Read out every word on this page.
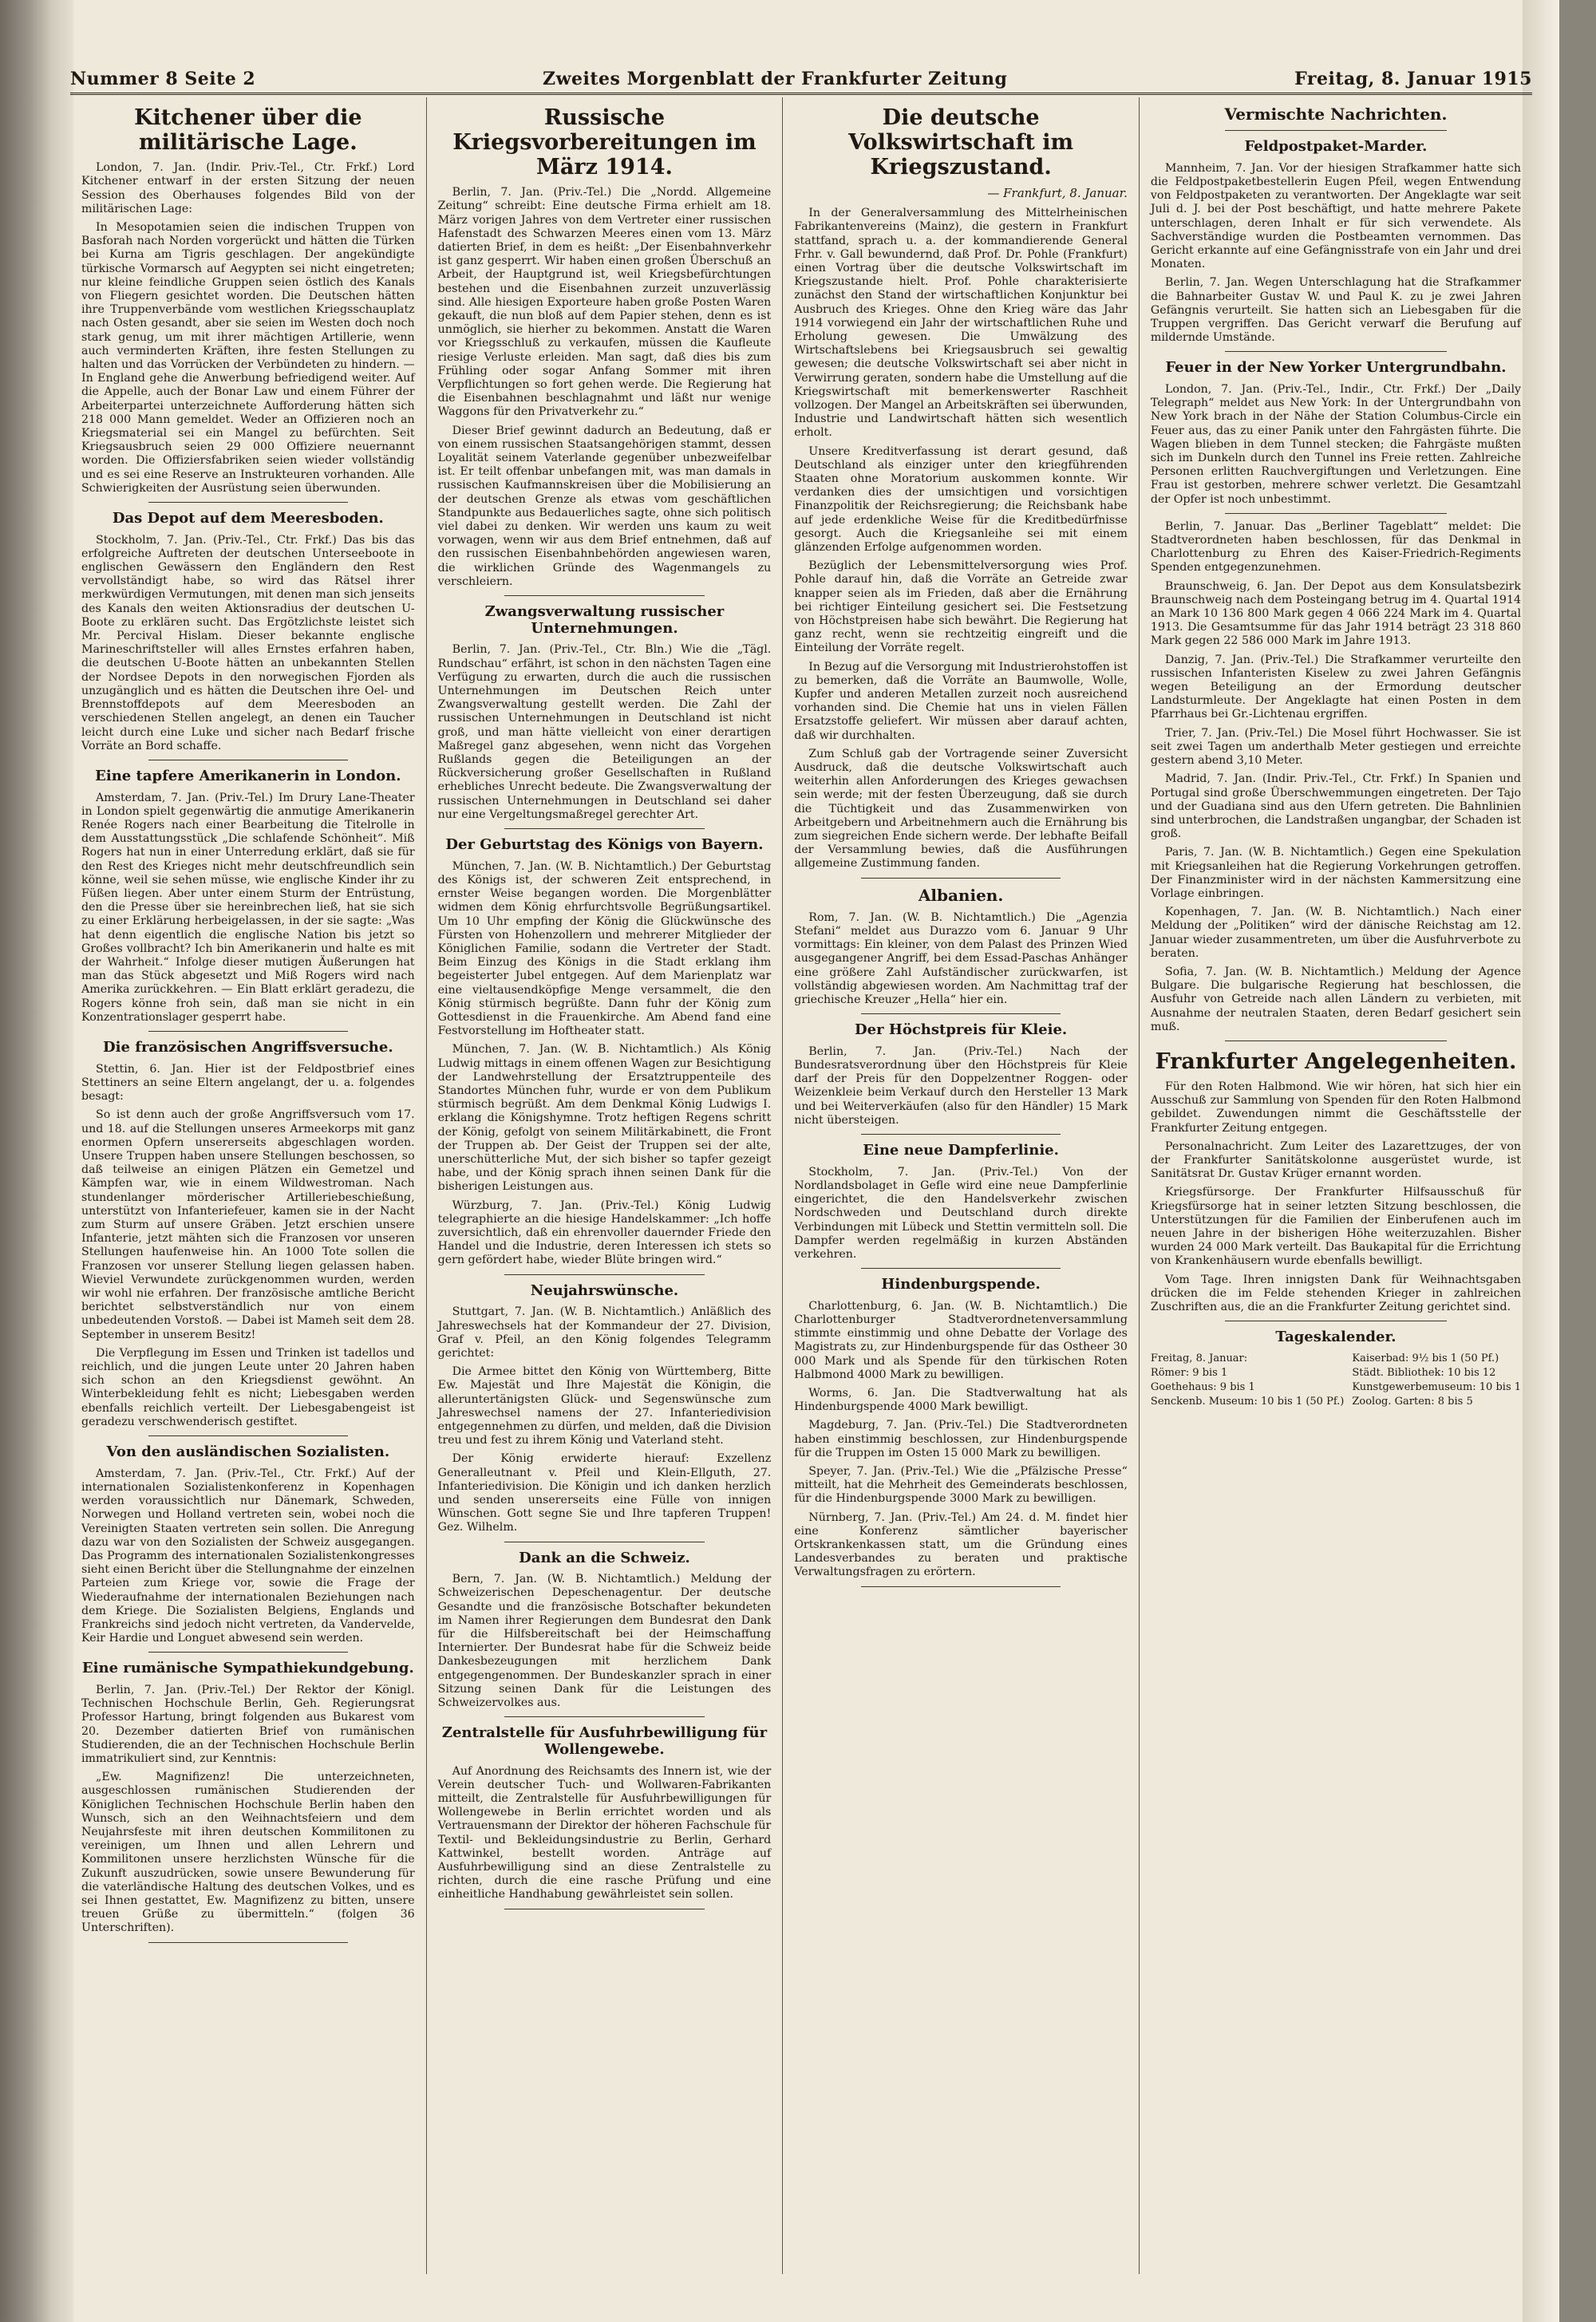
Nummer 8 Seite 2	Zweites Morgenblatt der Frankfurter Zeitung	Freitag, 8. Januar 1915
Kitchener über die militärische Lage.

London, 7. Jan. (Indir. Priv.-Tel., Ctr. Frkf.) Lord Kitchener entwarf in der ersten Sitzung der neuen Session des Oberhauses folgendes Bild von der militärischen Lage:

In Mesopotamien seien die indischen Truppen von Basforah nach Norden vorgerückt und hätten die Türken bei Kurna am Tigris geschlagen. Der angekündigte türkische Vormarsch auf Aegypten sei nicht eingetreten; nur kleine feindliche Gruppen seien östlich des Kanals von Fliegern gesichtet worden. Die Deutschen hätten ihre Truppenverbände vom westlichen Kriegsschauplatz nach Osten gesandt, aber sie seien im Westen doch noch stark genug, um mit ihrer mächtigen Artillerie, wenn auch verminderten Kräften, ihre festen Stellungen zu halten und das Vorrücken der Verbündeten zu hindern. — In England gehe die Anwerbung befriedigend weiter. Auf die Appelle, auch der Bonar Law und einem Führer der Arbeiterpartei unterzeichnete Aufforderung hätten sich 218 000 Mann gemeldet. Weder an Offizieren noch an Kriegsmaterial sei ein Mangel zu befürchten. Seit Kriegsausbruch seien 29 000 Offiziere neuernannt worden. Die Offiziersfabriken seien wieder vollständig und es sei eine Reserve an Instrukteuren vorhanden. Alle Schwierigkeiten der Ausrüstung seien überwunden.

Das Depot auf dem Meeresboden.

Stockholm, 7. Jan. (Priv.-Tel., Ctr. Frkf.) Das bis das erfolgreiche Auftreten der deutschen Unterseeboote in englischen Gewässern den Engländern den Rest vervollständigt habe, so wird das Rätsel ihrer merkwürdigen Vermutungen, mit denen man sich jenseits des Kanals den weiten Aktionsradius der deutschen U-Boote zu erklären sucht. Das Ergötzlichste leistet sich Mr. Percival Hislam. Dieser bekannte englische Marineschriftsteller will alles Ernstes erfahren haben, die deutschen U-Boote hätten an unbekannten Stellen der Nordsee Depots in den norwegischen Fjorden als unzugänglich und es hätten die Deutschen ihre Oel- und Brennstoffdepots auf dem Meeresboden an verschiedenen Stellen angelegt, an denen ein Taucher leicht durch eine Luke und sicher nach Bedarf frische Vorräte an Bord schaffe.

Eine tapfere Amerikanerin in London.

Amsterdam, 7. Jan. (Priv.-Tel.) Im Drury Lane-Theater in London spielt gegenwärtig die anmutige Amerikanerin Renée Rogers nach einer Bearbeitung die Titelrolle in dem Ausstattungsstück „Die schlafende Schönheit“. Miß Rogers hat nun in einer Unterredung erklärt, daß sie für den Rest des Krieges nicht mehr deutschfreundlich sein könne, weil sie sehen müsse, wie englische Kinder ihr zu Füßen liegen. Aber unter einem Sturm der Entrüstung, den die Presse über sie hereinbrechen ließ, hat sie sich zu einer Erklärung herbeigelassen, in der sie sagte: „Was hat denn eigentlich die englische Nation bis jetzt so Großes vollbracht? Ich bin Amerikanerin und halte es mit der Wahrheit.“ Infolge dieser mutigen Äußerungen hat man das Stück abgesetzt und Miß Rogers wird nach Amerika zurückkehren. — Ein Blatt erklärt geradezu, die Rogers könne froh sein, daß man sie nicht in ein Konzentrationslager gesperrt habe.

Die französischen Angriffsversuche.

Stettin, 6. Jan. Hier ist der Feldpostbrief eines Stettiners an seine Eltern angelangt, der u. a. folgendes besagt:

So ist denn auch der große Angriffsversuch vom 17. und 18. auf die Stellungen unseres Armeekorps mit ganz enormen Opfern unsererseits abgeschlagen worden. Unsere Truppen haben unsere Stellungen beschossen, so daß teilweise an einigen Plätzen ein Gemetzel und Kämpfen war, wie in einem Wildwestroman. Nach stundenlanger mörderischer Artilleriebeschießung, unterstützt von Infanteriefeuer, kamen sie in der Nacht zum Sturm auf unsere Gräben. Jetzt erschien unsere Infanterie, jetzt mähten sich die Franzosen vor unseren Stellungen haufenweise hin. An 1000 Tote sollen die Franzosen vor unserer Stellung liegen gelassen haben. Wieviel Verwundete zurückgenommen wurden, werden wir wohl nie erfahren. Der französische amtliche Bericht berichtet selbstverständlich nur von einem unbedeutenden Vorstoß. — Dabei ist Mameh seit dem 28. September in unserem Besitz!

Die Verpflegung im Essen und Trinken ist tadellos und reichlich, und die jungen Leute unter 20 Jahren haben sich schon an den Kriegsdienst gewöhnt. An Winterbekleidung fehlt es nicht; Liebesgaben werden ebenfalls reichlich verteilt. Der Liebesgabengeist ist geradezu verschwenderisch gestiftet.

Von den ausländischen Sozialisten.

Amsterdam, 7. Jan. (Priv.-Tel., Ctr. Frkf.) Auf der internationalen Sozialistenkonferenz in Kopenhagen werden voraussichtlich nur Dänemark, Schweden, Norwegen und Holland vertreten sein, wobei noch die Vereinigten Staaten vertreten sein sollen. Die Anregung dazu war von den Sozialisten der Schweiz ausgegangen. Das Programm des internationalen Sozialistenkongresses sieht einen Bericht über die Stellungnahme der einzelnen Parteien zum Kriege vor, sowie die Frage der Wiederaufnahme der internationalen Beziehungen nach dem Kriege. Die Sozialisten Belgiens, Englands und Frankreichs sind jedoch nicht vertreten, da Vandervelde, Keir Hardie und Longuet abwesend sein werden.

Eine rumänische Sympathiekundgebung.

Berlin, 7. Jan. (Priv.-Tel.) Der Rektor der Königl. Technischen Hochschule Berlin, Geh. Regierungsrat Professor Hartung, bringt folgenden aus Bukarest vom 20. Dezember datierten Brief von rumänischen Studierenden, die an der Technischen Hochschule Berlin immatrikuliert sind, zur Kenntnis:

„Ew. Magnifizenz! Die unterzeichneten, ausgeschlossen rumänischen Studierenden der Königlichen Technischen Hochschule Berlin haben den Wunsch, sich an den Weihnachtsfeiern und dem Neujahrsfeste mit ihren deutschen Kommilitonen zu vereinigen, um Ihnen und allen Lehrern und Kommilitonen unsere herzlichsten Wünsche für die Zukunft auszudrücken, sowie unsere Bewunderung für die vaterländische Haltung des deutschen Volkes, und es sei Ihnen gestattet, Ew. Magnifizenz zu bitten, unsere treuen Grüße zu übermitteln.“ (folgen 36 Unterschriften).

Russische Kriegsvorbereitungen im März 1914.

Berlin, 7. Jan. (Priv.-Tel.) Die „Nordd. Allgemeine Zeitung“ schreibt: Eine deutsche Firma erhielt am 18. März vorigen Jahres von dem Vertreter einer russischen Hafenstadt des Schwarzen Meeres einen vom 13. März datierten Brief, in dem es heißt: „Der Eisenbahnverkehr ist ganz gesperrt. Wir haben einen großen Überschuß an Arbeit, der Hauptgrund ist, weil Kriegsbefürchtungen bestehen und die Eisenbahnen zurzeit unzuverlässig sind. Alle hiesigen Exporteure haben große Posten Waren gekauft, die nun bloß auf dem Papier stehen, denn es ist unmöglich, sie hierher zu bekommen. Anstatt die Waren vor Kriegsschluß zu verkaufen, müssen die Kaufleute riesige Verluste erleiden. Man sagt, daß dies bis zum Frühling oder sogar Anfang Sommer mit ihren Verpflichtungen so fort gehen werde. Die Regierung hat die Eisenbahnen beschlagnahmt und läßt nur wenige Waggons für den Privatverkehr zu.“

Dieser Brief gewinnt dadurch an Bedeutung, daß er von einem russischen Staatsangehörigen stammt, dessen Loyalität seinem Vaterlande gegenüber unbezweifelbar ist. Er teilt offenbar unbefangen mit, was man damals in russischen Kaufmannskreisen über die Mobilisierung an der deutschen Grenze als etwas vom geschäftlichen Standpunkte aus Bedauerliches sagte, ohne sich politisch viel dabei zu denken. Wir werden uns kaum zu weit vorwagen, wenn wir aus dem Brief entnehmen, daß auf den russischen Eisenbahnbehörden angewiesen waren, die wirklichen Gründe des Wagenmangels zu verschleiern.

Zwangsverwaltung russischer Unternehmungen.

Berlin, 7. Jan. (Priv.-Tel., Ctr. Bln.) Wie die „Tägl. Rundschau“ erfährt, ist schon in den nächsten Tagen eine Verfügung zu erwarten, durch die auch die russischen Unternehmungen im Deutschen Reich unter Zwangsverwaltung gestellt werden. Die Zahl der russischen Unternehmungen in Deutschland ist nicht groß, und man hätte vielleicht von einer derartigen Maßregel ganz abgesehen, wenn nicht das Vorgehen Rußlands gegen die Beteiligungen an der Rückversicherung großer Gesellschaften in Rußland erhebliches Unrecht bedeute. Die Zwangsverwaltung der russischen Unternehmungen in Deutschland sei daher nur eine Vergeltungsmaßregel gerechter Art.

Der Geburtstag des Königs von Bayern.

München, 7. Jan. (W. B. Nichtamtlich.) Der Geburtstag des Königs ist, der schweren Zeit entsprechend, in ernster Weise begangen worden. Die Morgenblätter widmen dem König ehrfurchtsvolle Begrüßungsartikel. Um 10 Uhr empfing der König die Glückwünsche des Fürsten von Hohenzollern und mehrerer Mitglieder der Königlichen Familie, sodann die Vertreter der Stadt. Beim Einzug des Königs in die Stadt erklang ihm begeisterter Jubel entgegen. Auf dem Marienplatz war eine vieltausendköpfige Menge versammelt, die den König stürmisch begrüßte. Dann fuhr der König zum Gottesdienst in die Frauenkirche. Am Abend fand eine Festvorstellung im Hoftheater statt.

München, 7. Jan. (W. B. Nichtamtlich.) Als König Ludwig mittags in einem offenen Wagen zur Besichtigung der Landwehrstellung der Ersatztruppenteile des Standortes München fuhr, wurde er von dem Publikum stürmisch begrüßt. Am dem Denkmal König Ludwigs I. erklang die Königshymne. Trotz heftigen Regens schritt der König, gefolgt von seinem Militärkabinett, die Front der Truppen ab. Der Geist der Truppen sei der alte, unerschütterliche Mut, der sich bisher so tapfer gezeigt habe, und der König sprach ihnen seinen Dank für die bisherigen Leistungen aus.

Würzburg, 7. Jan. (Priv.-Tel.) König Ludwig telegraphierte an die hiesige Handelskammer: „Ich hoffe zuversichtlich, daß ein ehrenvoller dauernder Friede den Handel und die Industrie, deren Interessen ich stets so gern gefördert habe, wieder Blüte bringen wird.“

Neujahrswünsche.

Stuttgart, 7. Jan. (W. B. Nichtamtlich.) Anläßlich des Jahreswechsels hat der Kommandeur der 27. Division, Graf v. Pfeil, an den König folgendes Telegramm gerichtet:

Die Armee bittet den König von Württemberg, Bitte Ew. Majestät und Ihre Majestät die Königin, die alleruntertänigsten Glück- und Segenswünsche zum Jahreswechsel namens der 27. Infanteriedivision entgegennehmen zu dürfen, und melden, daß die Division treu und fest zu ihrem König und Vaterland steht.

Der König erwiderte hierauf: Exzellenz Generalleutnant v. Pfeil und Klein-Ellguth, 27. Infanteriedivision. Die Königin und ich danken herzlich und senden unsererseits eine Fülle von innigen Wünschen. Gott segne Sie und Ihre tapferen Truppen! Gez. Wilhelm.

Dank an die Schweiz.

Bern, 7. Jan. (W. B. Nichtamtlich.) Meldung der Schweizerischen Depeschenagentur. Der deutsche Gesandte und die französische Botschafter bekundeten im Namen ihrer Regierungen dem Bundesrat den Dank für die Hilfsbereitschaft bei der Heimschaffung Internierter. Der Bundesrat habe für die Schweiz beide Dankesbezeugungen mit herzlichem Dank entgegengenommen. Der Bundeskanzler sprach in einer Sitzung seinen Dank für die Leistungen des Schweizervolkes aus.

Zentralstelle für Ausfuhrbewilligung für Wollengewebe.

Auf Anordnung des Reichsamts des Innern ist, wie der Verein deutscher Tuch- und Wollwaren-Fabrikanten mitteilt, die Zentralstelle für Ausfuhrbewilligungen für Wollengewebe in Berlin errichtet worden und als Vertrauensmann der Direktor der höheren Fachschule für Textil- und Bekleidungsindustrie zu Berlin, Gerhard Kattwinkel, bestellt worden. Anträge auf Ausfuhrbewilligung sind an diese Zentralstelle zu richten, durch die eine rasche Prüfung und eine einheitliche Handhabung gewährleistet sein sollen.

Die deutsche Volkswirtschaft im Kriegszustand.
— Frankfurt, 8. Januar.

In der Generalversammlung des Mittelrheinischen Fabrikantenvereins (Mainz), die gestern in Frankfurt stattfand, sprach u. a. der kommandierende General Frhr. v. Gall bewundernd, daß Prof. Dr. Pohle (Frankfurt) einen Vortrag über die deutsche Volkswirtschaft im Kriegszustande hielt. Prof. Pohle charakterisierte zunächst den Stand der wirtschaftlichen Konjunktur bei Ausbruch des Krieges. Ohne den Krieg wäre das Jahr 1914 vorwiegend ein Jahr der wirtschaftlichen Ruhe und Erholung gewesen. Die Umwälzung des Wirtschaftslebens bei Kriegsausbruch sei gewaltig gewesen; die deutsche Volkswirtschaft sei aber nicht in Verwirrung geraten, sondern habe die Umstellung auf die Kriegswirtschaft mit bemerkenswerter Raschheit vollzogen. Der Mangel an Arbeitskräften sei überwunden, Industrie und Landwirtschaft hätten sich wesentlich erholt.

Unsere Kreditverfassung ist derart gesund, daß Deutschland als einziger unter den kriegführenden Staaten ohne Moratorium auskommen konnte. Wir verdanken dies der umsichtigen und vorsichtigen Finanzpolitik der Reichsregierung; die Reichsbank habe auf jede erdenkliche Weise für die Kreditbedürfnisse gesorgt. Auch die Kriegsanleihe sei mit einem glänzenden Erfolge aufgenommen worden.

Bezüglich der Lebensmittelversorgung wies Prof. Pohle darauf hin, daß die Vorräte an Getreide zwar knapper seien als im Frieden, daß aber die Ernährung bei richtiger Einteilung gesichert sei. Die Festsetzung von Höchstpreisen habe sich bewährt. Die Regierung hat ganz recht, wenn sie rechtzeitig eingreift und die Einteilung der Vorräte regelt.

In Bezug auf die Versorgung mit Industrierohstoffen ist zu bemerken, daß die Vorräte an Baumwolle, Wolle, Kupfer und anderen Metallen zurzeit noch ausreichend vorhanden sind. Die Chemie hat uns in vielen Fällen Ersatzstoffe geliefert. Wir müssen aber darauf achten, daß wir durchhalten.

Zum Schluß gab der Vortragende seiner Zuversicht Ausdruck, daß die deutsche Volkswirtschaft auch weiterhin allen Anforderungen des Krieges gewachsen sein werde; mit der festen Überzeugung, daß sie durch die Tüchtigkeit und das Zusammenwirken von Arbeitgebern und Arbeitnehmern auch die Ernährung bis zum siegreichen Ende sichern werde. Der lebhafte Beifall der Versammlung bewies, daß die Ausführungen allgemeine Zustimmung fanden.

Albanien.

Rom, 7. Jan. (W. B. Nichtamtlich.) Die „Agenzia Stefani“ meldet aus Durazzo vom 6. Januar 9 Uhr vormittags: Ein kleiner, von dem Palast des Prinzen Wied ausgegangener Angriff, bei dem Essad-Paschas Anhänger eine größere Zahl Aufständischer zurückwarfen, ist vollständig abgewiesen worden. Am Nachmittag traf der griechische Kreuzer „Hella“ hier ein.

Der Höchstpreis für Kleie.

Berlin, 7. Jan. (Priv.-Tel.) Nach der Bundesratsverordnung über den Höchstpreis für Kleie darf der Preis für den Doppelzentner Roggen- oder Weizenkleie beim Verkauf durch den Hersteller 13 Mark und bei Weiterverkäufen (also für den Händler) 15 Mark nicht übersteigen.

Eine neue Dampferlinie.

Stockholm, 7. Jan. (Priv.-Tel.) Von der Nordlandsbolaget in Gefle wird eine neue Dampferlinie eingerichtet, die den Handelsverkehr zwischen Nordschweden und Deutschland durch direkte Verbindungen mit Lübeck und Stettin vermitteln soll. Die Dampfer werden regelmäßig in kurzen Abständen verkehren.

Hindenburgspende.

Charlottenburg, 6. Jan. (W. B. Nichtamtlich.) Die Charlottenburger Stadtverordnetenversammlung stimmte einstimmig und ohne Debatte der Vorlage des Magistrats zu, zur Hindenburgspende für das Ostheer 30 000 Mark und als Spende für den türkischen Roten Halbmond 4000 Mark zu bewilligen.

Worms, 6. Jan. Die Stadtverwaltung hat als Hindenburgspende 4000 Mark bewilligt.

Magdeburg, 7. Jan. (Priv.-Tel.) Die Stadtverordneten haben einstimmig beschlossen, zur Hindenburgspende für die Truppen im Osten 15 000 Mark zu bewilligen.

Speyer, 7. Jan. (Priv.-Tel.) Wie die „Pfälzische Presse“ mitteilt, hat die Mehrheit des Gemeinderats beschlossen, für die Hindenburgspende 3000 Mark zu bewilligen.

Nürnberg, 7. Jan. (Priv.-Tel.) Am 24. d. M. findet hier eine Konferenz sämtlicher bayerischer Ortskrankenkassen statt, um die Gründung eines Landesverbandes zu beraten und praktische Verwaltungsfragen zu erörtern.

Vermischte Nachrichten.
Feldpostpaket-Marder.

Mannheim, 7. Jan. Vor der hiesigen Strafkammer hatte sich die Feldpostpaketbestellerin Eugen Pfeil, wegen Entwendung von Feldpostpaketen zu verantworten. Der Angeklagte war seit Juli d. J. bei der Post beschäftigt, und hatte mehrere Pakete unterschlagen, deren Inhalt er für sich verwendete. Als Sachverständige wurden die Postbeamten vernommen. Das Gericht erkannte auf eine Gefängnisstrafe von ein Jahr und drei Monaten.

Berlin, 7. Jan. Wegen Unterschlagung hat die Strafkammer die Bahnarbeiter Gustav W. und Paul K. zu je zwei Jahren Gefängnis verurteilt. Sie hatten sich an Liebesgaben für die Truppen vergriffen. Das Gericht verwarf die Berufung auf mildernde Umstände.

Feuer in der New Yorker Untergrundbahn.

London, 7. Jan. (Priv.-Tel., Indir., Ctr. Frkf.) Der „Daily Telegraph“ meldet aus New York: In der Untergrundbahn von New York brach in der Nähe der Station Columbus-Circle ein Feuer aus, das zu einer Panik unter den Fahrgästen führte. Die Wagen blieben in dem Tunnel stecken; die Fahrgäste mußten sich im Dunkeln durch den Tunnel ins Freie retten. Zahlreiche Personen erlitten Rauchvergiftungen und Verletzungen. Eine Frau ist gestorben, mehrere schwer verletzt. Die Gesamtzahl der Opfer ist noch unbestimmt.

Berlin, 7. Januar. Das „Berliner Tageblatt“ meldet: Die Stadtverordneten haben beschlossen, für das Denkmal in Charlottenburg zu Ehren des Kaiser-Friedrich-Regiments Spenden entgegenzunehmen.

Braunschweig, 6. Jan. Der Depot aus dem Konsulatsbezirk Braunschweig nach dem Posteingang betrug im 4. Quartal 1914 an Mark 10 136 800 Mark gegen 4 066 224 Mark im 4. Quartal 1913. Die Gesamtsumme für das Jahr 1914 beträgt 23 318 860 Mark gegen 22 586 000 Mark im Jahre 1913.

Danzig, 7. Jan. (Priv.-Tel.) Die Strafkammer verurteilte den russischen Infanteristen Kiselew zu zwei Jahren Gefängnis wegen Beteiligung an der Ermordung deutscher Landsturmleute. Der Angeklagte hat einen Posten in dem Pfarrhaus bei Gr.-Lichtenau ergriffen.

Trier, 7. Jan. (Priv.-Tel.) Die Mosel führt Hochwasser. Sie ist seit zwei Tagen um anderthalb Meter gestiegen und erreichte gestern abend 3,10 Meter.

Madrid, 7. Jan. (Indir. Priv.-Tel., Ctr. Frkf.) In Spanien und Portugal sind große Überschwemmungen eingetreten. Der Tajo und der Guadiana sind aus den Ufern getreten. Die Bahnlinien sind unterbrochen, die Landstraßen ungangbar, der Schaden ist groß.

Paris, 7. Jan. (W. B. Nichtamtlich.) Gegen eine Spekulation mit Kriegsanleihen hat die Regierung Vorkehrungen getroffen. Der Finanzminister wird in der nächsten Kammersitzung eine Vorlage einbringen.

Kopenhagen, 7. Jan. (W. B. Nichtamtlich.) Nach einer Meldung der „Politiken“ wird der dänische Reichstag am 12. Januar wieder zusammentreten, um über die Ausfuhrverbote zu beraten.

Sofia, 7. Jan. (W. B. Nichtamtlich.) Meldung der Agence Bulgare. Die bulgarische Regierung hat beschlossen, die Ausfuhr von Getreide nach allen Ländern zu verbieten, mit Ausnahme der neutralen Staaten, deren Bedarf gesichert sein muß.

Frankfurter Angelegenheiten.

Für den Roten Halbmond. Wie wir hören, hat sich hier ein Ausschuß zur Sammlung von Spenden für den Roten Halbmond gebildet. Zuwendungen nimmt die Geschäftsstelle der Frankfurter Zeitung entgegen.

Personalnachricht. Zum Leiter des Lazarettzuges, der von der Frankfurter Sanitätskolonne ausgerüstet wurde, ist Sanitätsrat Dr. Gustav Krüger ernannt worden.

Kriegsfürsorge. Der Frankfurter Hilfsausschuß für Kriegsfürsorge hat in seiner letzten Sitzung beschlossen, die Unterstützungen für die Familien der Einberufenen auch im neuen Jahre in der bisherigen Höhe weiterzuzahlen. Bisher wurden 24 000 Mark verteilt. Das Baukapital für die Errichtung von Krankenhäusern wurde ebenfalls bewilligt.

Vom Tage. Ihren innigsten Dank für Weihnachtsgaben drücken die im Felde stehenden Krieger in zahlreichen Zuschriften aus, die an die Frankfurter Zeitung gerichtet sind.

Tageskalender.
Freitag, 8. Januar:	Kaiserbad: 9½ bis 1 (50 Pf.)
Römer: 9 bis 1	Städt. Bibliothek: 10 bis 12
Goethehaus: 9 bis 1	Kunstgewerbemuseum: 10 bis 1
Senckenb. Museum: 10 bis 1 (50 Pf.) Zoolog. Garten: 8 bis 5
